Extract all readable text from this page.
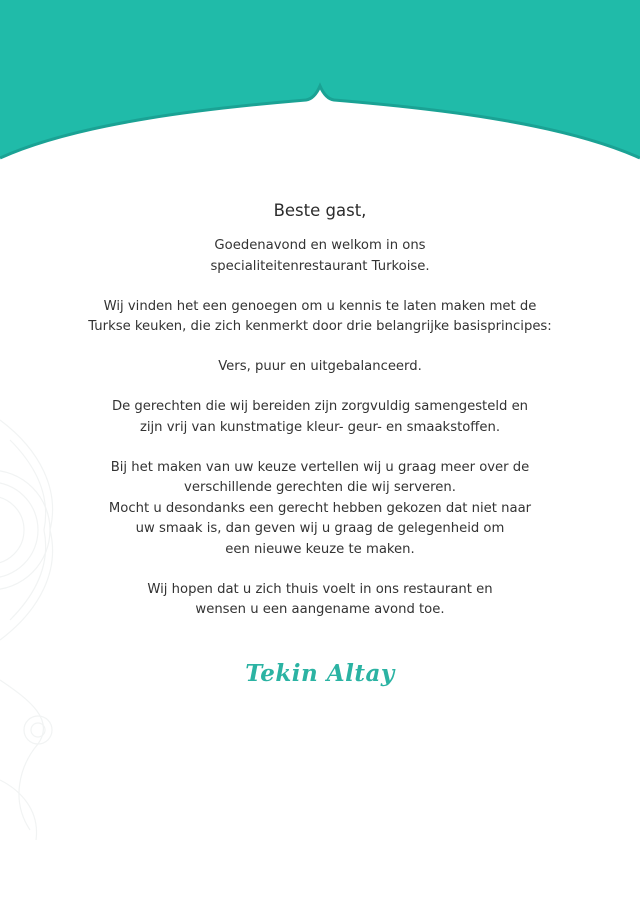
Beste gast,

Goedenavond en welkom in ons
specialiteitenrestaurant Turkoise.

Wij vinden het een genoegen om u kennis te laten maken met de
Turkse keuken, die zich kenmerkt door drie belangrijke basisprincipes:

Vers, puur en uitgebalanceerd.

De gerechten die wij bereiden zijn zorgvuldig samengesteld en
zijn vrij van kunstmatige kleur- geur- en smaakstoffen.

Bij het maken van uw keuze vertellen wij u graag meer over de
verschillende gerechten die wij serveren.
Mocht u desondanks een gerecht hebben gekozen dat niet naar
uw smaak is, dan geven wij u graag de gelegenheid om
een nieuwe keuze te maken.

Wij hopen dat u zich thuis voelt in ons restaurant en
wensen u een aangename avond toe.

Tekin Altay
